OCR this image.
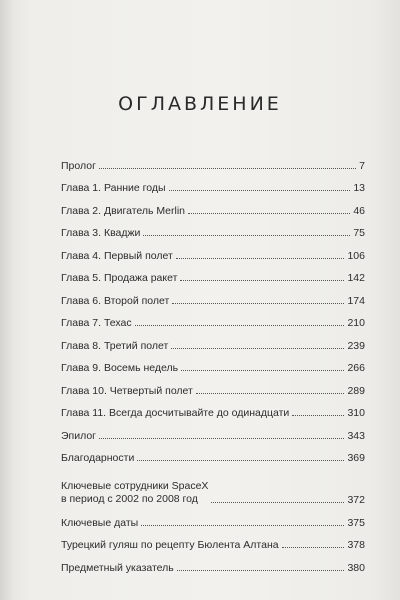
ОГЛАВЛЕНИЕ
Пролог	7
Глава 1. Ранние годы	13
Глава 2. Двигатель Merlin	46
Глава 3. Кваджи	75
Глава 4. Первый полет	106
Глава 5. Продажа ракет	142
Глава 6. Второй полет	174
Глава 7. Техас	210
Глава 8. Третий полет	239
Глава 9. Восемь недель	266
Глава 10. Четвертый полет	289
Глава 11. Всегда досчитывайте до одинадцати	310
Эпилог	343
Благодарности	369
Ключевые сотрудники SpaceX
в период с 2002 по 2008 год	372
Ключевые даты	375
Турецкий гуляш по рецепту Бюлента Алтана	378
Предметный указатель	380
